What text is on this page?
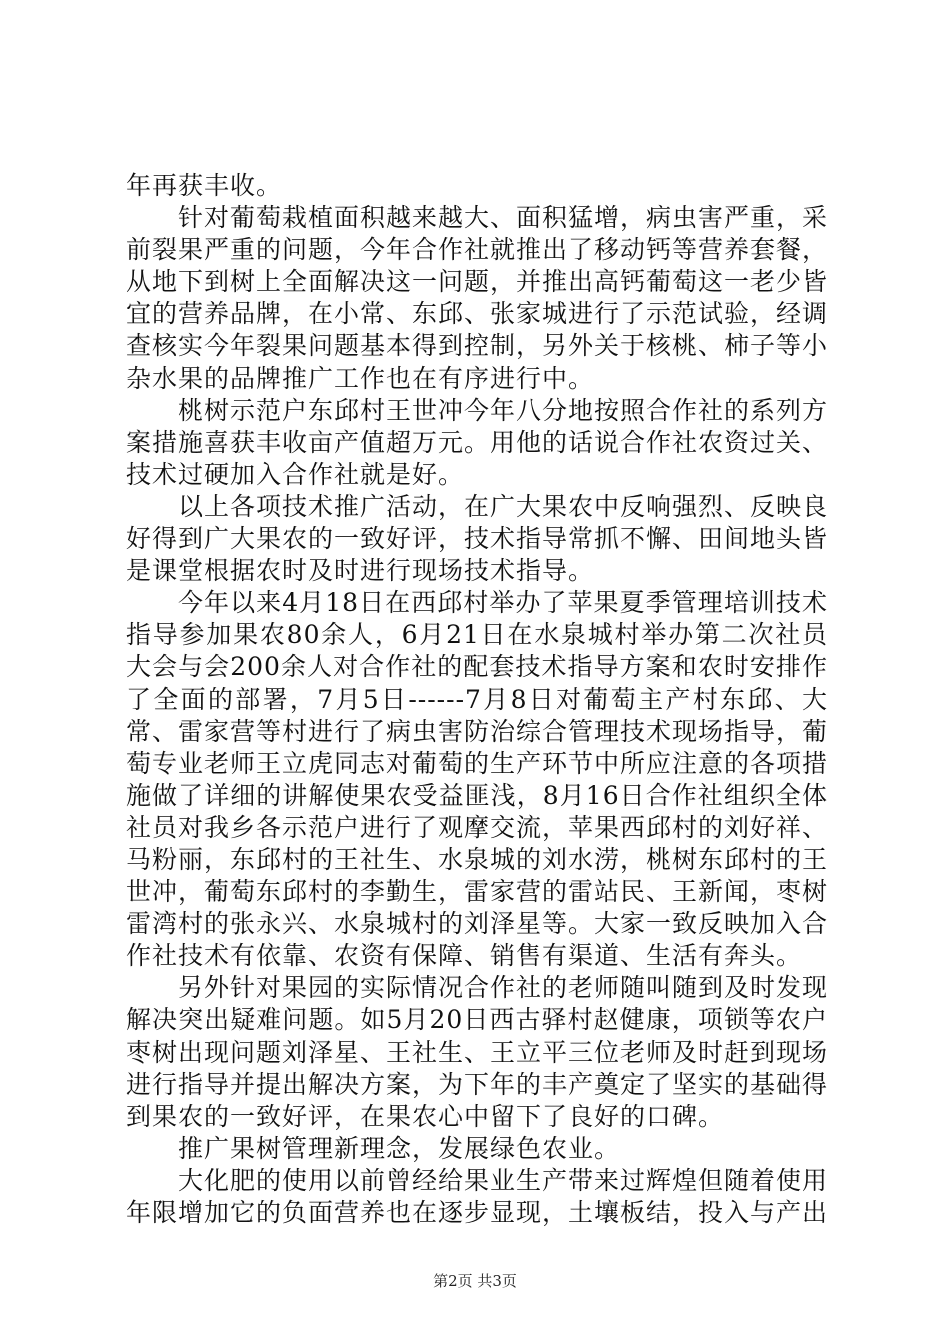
年再获丰收。

针对葡萄栽植面积越来越大、面积猛增，病虫害严重，采前裂果严重的问题，今年合作社就推出了移动钙等营养套餐，从地下到树上全面解决这一问题，并推出高钙葡萄这一老少皆宜的营养品牌，在小常、东邱、张家城进行了示范试验，经调查核实今年裂果问题基本得到控制，另外关于核桃、柿子等小杂水果的品牌推广工作也在有序进行中。

桃树示范户东邱村王世冲今年八分地按照合作社的系列方案措施喜获丰收亩产值超万元。用他的话说合作社农资过关、技术过硬加入合作社就是好。

以上各项技术推广活动，在广大果农中反响强烈、反映良好得到广大果农的一致好评，技术指导常抓不懈、田间地头皆是课堂根据农时及时进行现场技术指导。

今年以来4月18日在西邱村举办了苹果夏季管理培训技术指导参加果农80余人，6月21日在水泉城村举办第二次社员大会与会200余人对合作社的配套技术指导方案和农时安排作了全面的部署，7月5日------7月8日对葡萄主产村东邱、大常、雷家营等村进行了病虫害防治综合管理技术现场指导，葡萄专业老师王立虎同志对葡萄的生产环节中所应注意的各项措施做了详细的讲解使果农受益匪浅，8月16日合作社组织全体社员对我乡各示范户进行了观摩交流，苹果西邱村的刘好祥、马粉丽，东邱村的王社生、水泉城的刘水涝，桃树东邱村的王世冲，葡萄东邱村的李勤生，雷家营的雷站民、王新闻，枣树雷湾村的张永兴、水泉城村的刘泽星等。大家一致反映加入合作社技术有依靠、农资有保障、销售有渠道、生活有奔头。

另外针对果园的实际情况合作社的老师随叫随到及时发现解决突出疑难问题。如5月20日西古驿村赵健康，项锁等农户枣树出现问题刘泽星、王社生、王立平三位老师及时赶到现场进行指导并提出解决方案，为下年的丰产奠定了坚实的基础得到果农的一致好评，在果农心中留下了良好的口碑。

推广果树管理新理念，发展绿色农业。

大化肥的使用以前曾经给果业生产带来过辉煌但随着使用年限增加它的负面营养也在逐步显现，土壤板结，投入与产出

第2页 共3页
